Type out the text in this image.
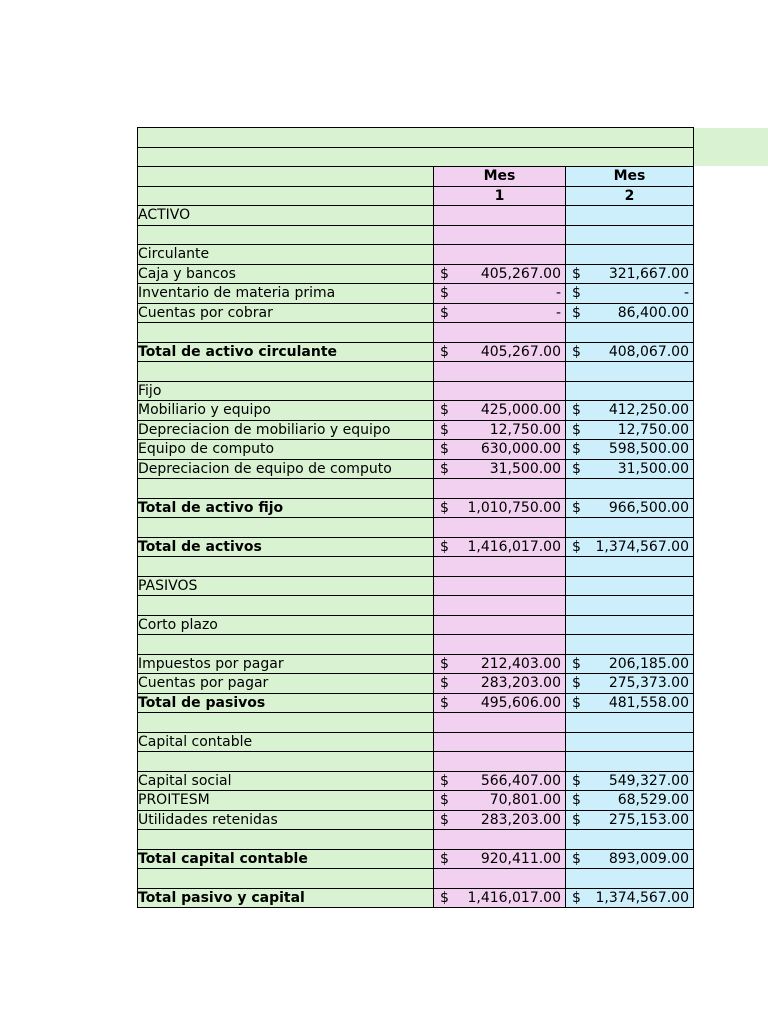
	Mes	Mes
	1	2
ACTIVO		

Circulante		
Caja y bancos	$ 405,267.00	$ 321,667.00

Inventario de materia prima	$ -	$ -

Cuentas por cobrar	$ -	$ 86,400.00

Total de activo circulante	$ 405,267.00	$ 408,067.00

Fijo		
Mobiliario y equipo	$ 425,000.00	$ 412,250.00

Depreciacion de mobiliario y equipo	$ 12,750.00	$ 12,750.00

Equipo de computo	$ 630,000.00	$ 598,500.00

Depreciacion de equipo de computo	$ 31,500.00	$ 31,500.00

Total de activo fijo	$ 1,010,750.00	$ 966,500.00

Total de activos	$ 1,416,017.00	$ 1,374,567.00

PASIVOS		

Corto plazo		

Impuestos por pagar	$ 212,403.00	$ 206,185.00

Cuentas por pagar	$ 283,203.00	$ 275,373.00

Total de pasivos	$ 495,606.00	$ 481,558.00

Capital contable		

Capital social	$ 566,407.00	$ 549,327.00

PROITESM	$ 70,801.00	$ 68,529.00

Utilidades retenidas	$ 283,203.00	$ 275,153.00

Total capital contable	$ 920,411.00	$ 893,009.00

Total pasivo y capital	$ 1,416,017.00	$ 1,374,567.00
